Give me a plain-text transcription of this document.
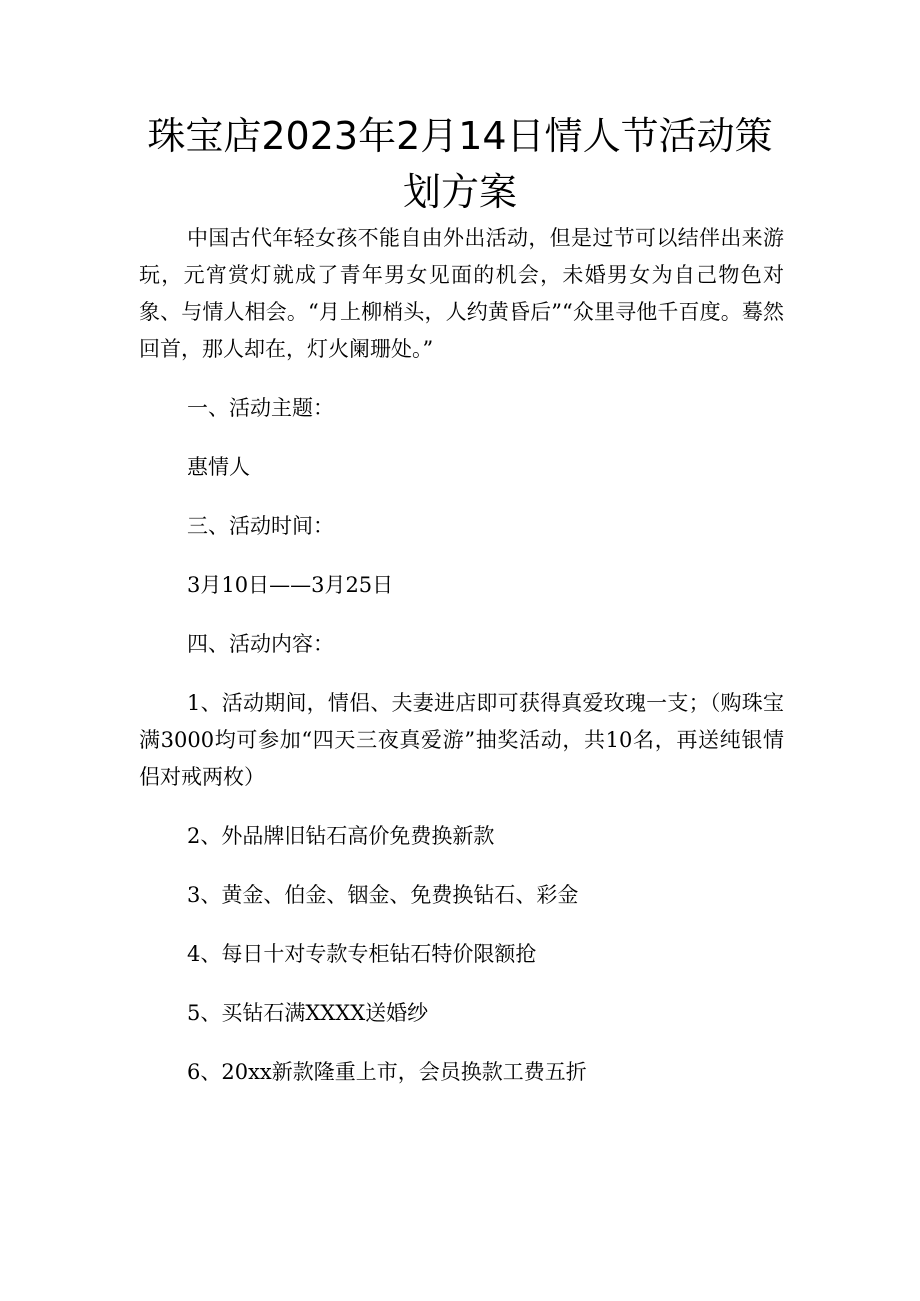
珠宝店2023年2月14日情人节活动策划方案

中国古代年轻女孩不能自由外出活动，但是过节可以结伴出来游玩，元宵赏灯就成了青年男女见面的机会，未婚男女为自己物色对象、与情人相会。“月上柳梢头，人约黄昏后”“众里寻他千百度。蓦然回首，那人却在，灯火阑珊处。”

一、活动主题：

惠情人

三、活动时间：

3月10日——3月25日

四、活动内容：

1、活动期间，情侣、夫妻进店即可获得真爱玫瑰一支；（购珠宝满3000均可参加“四天三夜真爱游”抽奖活动，共10名，再送纯银情侣对戒两枚）

2、外品牌旧钻石高价免费换新款

3、黄金、伯金、铟金、免费换钻石、彩金

4、每日十对专款专柜钻石特价限额抢

5、买钻石满XXXX送婚纱

6、20xx新款隆重上市，会员换款工费五折
